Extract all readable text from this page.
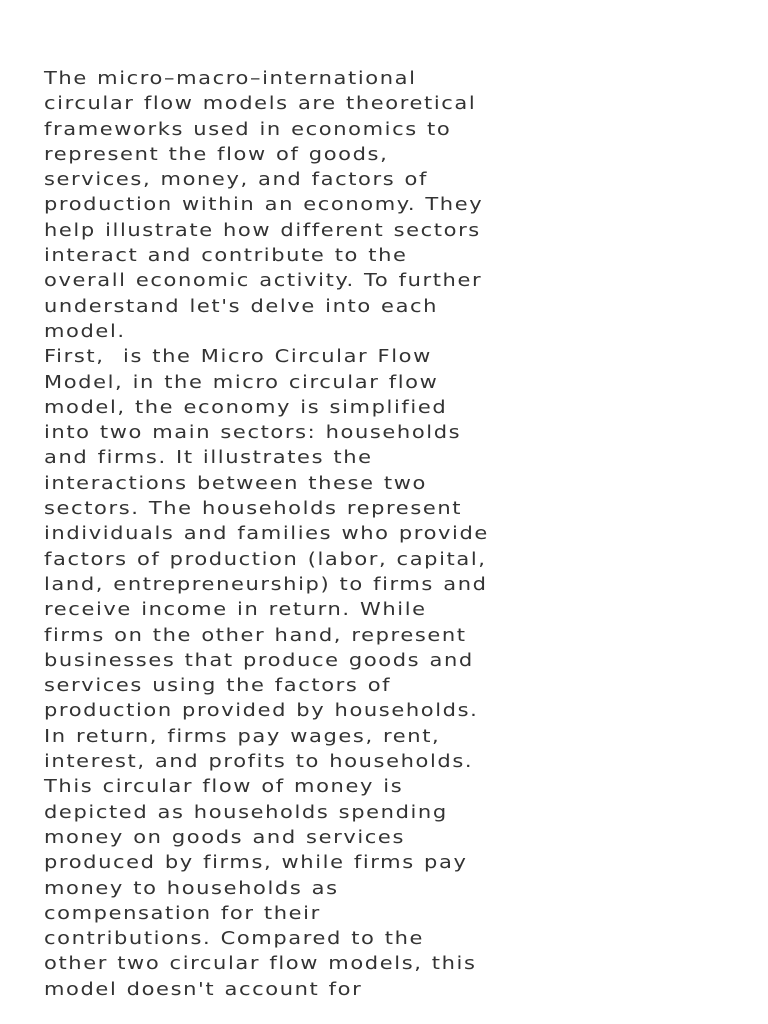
The micro–macro–international
circular flow models are theoretical
frameworks used in economics to
represent the flow of goods,
services, money, and factors of
production within an economy. They
help illustrate how different sectors
interact and contribute to the
overall economic activity. To further
understand let's delve into each
model.
First,  is the Micro Circular Flow
Model, in the micro circular flow
model, the economy is simplified
into two main sectors: households
and firms. It illustrates the
interactions between these two
sectors. The households represent
individuals and families who provide
factors of production (labor, capital,
land, entrepreneurship) to firms and
receive income in return. While
firms on the other hand, represent
businesses that produce goods and
services using the factors of
production provided by households.
In return, firms pay wages, rent,
interest, and profits to households.
This circular flow of money is
depicted as households spending
money on goods and services
produced by firms, while firms pay
money to households as
compensation for their
contributions. Compared to the
other two circular flow models, this
model doesn't account for
